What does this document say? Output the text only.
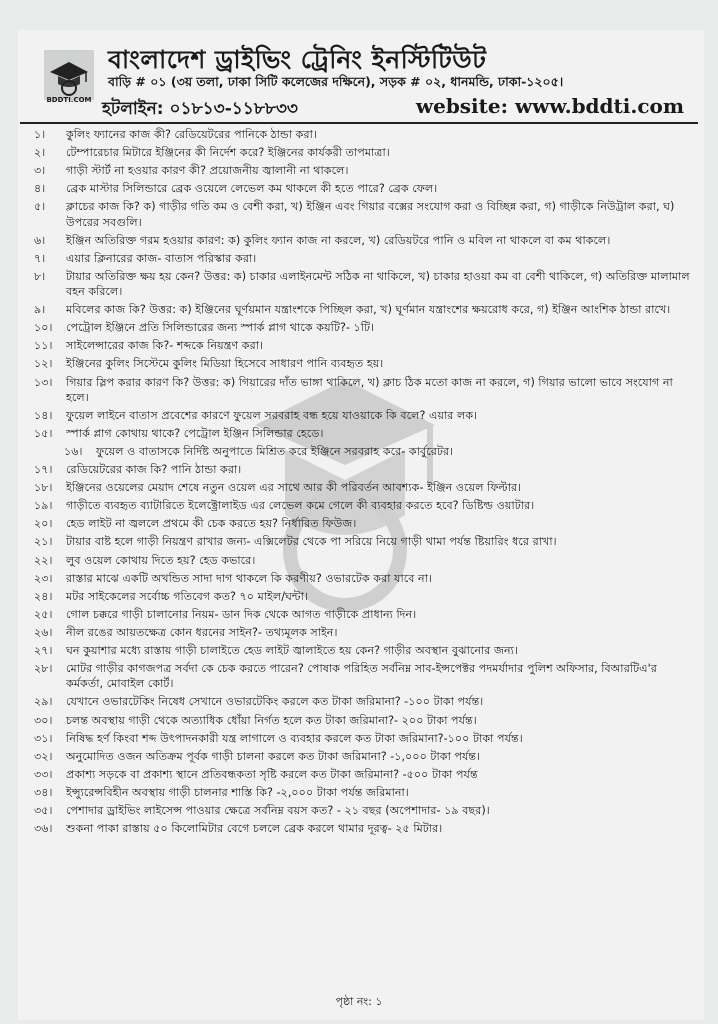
BDDTI.COM
বাংলাদেশ ড্রাইভিং ট্রেনিং ইনস্টিটিউট
বাড়ি # ০১ (৩য় তলা, ঢাকা সিটি কলেজের দক্ষিনে), সড়ক # ০২, ধানমন্ডি, ঢাকা-১২০৫।
হটলাইন: ০১৮১৩-১১৮৮৩৩	website: www.bddti.com
১।	কুলিং ফ্যানের কাজ কী? রেডিয়েটরের পানিকে ঠান্ডা করা।
২।	টেম্পারেচার মিটারে ইঞ্জিনের কী নির্দেশ করে? ইঞ্জিনের কার্যকরী তাপমাত্রা।
৩।	গাড়ী স্টার্ট না হওয়ার কারণ কী? প্রয়োজনীয় জ্বালানী না থাকলে।
৪।	ব্রেক মাস্টার সিলিন্ডারে ব্রেক ওয়েলে লেভেল কম থাকলে কী হতে পারে? ব্রেক ফেল।
৫।	ক্লাচের কাজ কি? ক) গাড়ীর গতি কম ও বেশী করা, খ) ইঞ্জিন এবং গিয়ার বক্সের সংযোগ করা ও বিচ্ছিন্ন করা, গ) গাড়ীকে নিউট্রাল করা, ঘ) উপরের সবগুলি।
৬।	ইঞ্জিন অতিরিক্ত গরম হওয়ার কারণ: ক) কুলিং ফ্যান কাজ না করলে, খ) রেডিয়টরে পানি ও মবিল না থাকলে বা কম থাকলে।
৭।	এয়ার ক্লিনারের কাজ- বাতাস পরিস্কার করা।
৮।	টায়ার অতিরিক্ত ক্ষয় হয় কেন? উত্তর: ক) চাকার এলাইনমেন্ট সঠিক না থাকিলে, খ) চাকার হাওয়া কম বা বেশী থাকিলে, গ) অতিরিক্ত মালামাল বহন করিলে।
৯।	মবিলের কাজ কি? উত্তর: ক) ইঞ্জিনের ঘূর্ণয়মান যন্ত্রাংশকে পিচ্ছিল করা, খ) ঘূর্ণমান যন্ত্রাংশের ক্ষয়রোধ করে, গ) ইঞ্জিন আংশিক ঠান্ডা রাখে।
১০।	পেট্রোল ইঞ্জিনে প্রতি সিলিন্ডারের জন্য স্পার্ক প্লাগ থাকে কয়টি?- ১টি।
১১।	সাইলেন্সারের কাজ কি?- শব্দকে নিয়ন্ত্রণ করা।
১২।	ইঞ্জিনের কুলিং সিস্টেমে কুলিং মিডিয়া হিসেবে সাধারণ পানি ব্যবহৃত হয়।
১৩।	গিয়ার স্লিপ করার কারণ কি? উত্তর: ক) গিয়ারের দাঁত ভাঙ্গা থাকিলে, খ) ক্লাচ ঠিক মতো কাজ না করলে, গ) গিয়ার ভালো ভাবে সংযোগ না হলে।
১৪।	ফুয়েল লাইনে বাতাস প্রবেশের কারণে ফুয়েল সরবরাহ বন্ধ হয়ে যাওয়াকে কি বলে? এয়ার লক।
১৫।	স্পার্ক প্লাগ কোথায় থাকে? পেট্রোল ইঞ্জিন সিলিন্ডার হেডে।
১৬।	ফুয়েল ও বাতাসকে নির্দিষ্ট অনুপাতে মিশ্রিত করে ইঞ্জিনে সরবরাহ করে- কার্বুরেটর।
১৭।	রেডিয়েটরের কাজ কি? পানি ঠান্ডা করা।
১৮।	ইঞ্জিনের ওয়েলের মেয়াদ শেষে নতুন ওয়েল এর সাথে আর কী পরিবর্তন আবশ্যক- ইঞ্জিন ওয়েল ফিল্টার।
১৯।	গাড়ীতে ব্যবহৃত ব্যাটারিতে ইলেক্ট্রোলাইড এর লেভেল কমে গেলে কী ব্যবহার করতে হবে? ডিষ্টিল্ড ওয়াটার।
২০।	হেড লাইট না জ্বললে প্রথমে কী চেক করতে হয়? নির্ধারিত ফিউজ।
২১।	টায়ার বাষ্ট হলে গাড়ী নিয়ন্ত্রণ রাখার জন্য- এক্সিলেটর থেকে পা সরিয়ে নিয়ে গাড়ী থামা পর্যন্ত ষ্টিয়ারিং ধরে রাখা।
২২।	লুব ওয়েল কোথায় দিতে হয়? হেড কভারে।
২৩।	রাস্তার মাঝে একটি অখন্ডিত সাদা দাগ থাকলে কি করণীয়? ওভারটেক করা যাবে না।
২৪।	মটর সাইকেলের সর্বোচ্চ গতিবেগ কত? ৭০ মাইল/ঘন্টা।
২৫।	গোল চক্করে গাড়ী চালানোর নিয়ম- ডান দিক থেকে আগত গাড়ীকে প্রাধান্য দিন।
২৬।	নীল রঙের আয়তক্ষেত্র কোন ধরনের সাইন?- তথ্যমূলক সাইন।
২৭।	ঘন কুয়াশার মধ্যে রাস্তায় গাড়ী চালাইতে হেড লাইট জ্বালাইতে হয় কেন? গাড়ীর অবস্থান বুঝানোর জন্য।
২৮।	মোটর গাড়ীর কাগজপত্র সর্বদা কে চেক করতে পারেন? পোষাক পরিহিত সর্বনিম্ন সাব-ইন্সপেক্টর পদমর্যাদার পুলিশ অফিসার, বিআরটিএ'র কর্মকর্তা, মোবাইল কোর্ট।
২৯।	যেখানে ওভারটেকিং নিষেধ সেখানে ওভারটেকিং করলে কত টাকা জরিমানা? -১০০ টাকা পর্যন্ত।
৩০।	চলন্ত অবস্থায় গাড়ী থেকে অত্যাধিক ধোঁয়া নির্গত হলে কত টাকা জরিমানা?- ২০০ টাকা পর্যন্ত।
৩১।	নিষিদ্ধ হর্ণ কিংবা শব্দ উৎপাদনকারী যন্ত্র লাগালে ও ব্যবহার করলে কত টাকা জরিমানা?-১০০ টাকা পর্যন্ত।
৩২।	অনুমোদিত ওজন অতিক্রম পূর্বক গাড়ী চালনা করলে কত টাকা জরিমানা? -১,০০০ টাকা পর্যন্ত।
৩৩।	প্রকাশ্য সড়কে বা প্রকাশ্য স্থানে প্রতিবন্ধকতা সৃষ্টি করলে কত টাকা জরিমানা? -৫০০ টাকা পর্যন্ত
৩৪।	ইন্স্যুরেন্সবিহীন অবস্থায় গাড়ী চালনার শাস্তি কি? -২,০০০ টাকা পর্যন্ত জরিমানা।
৩৫।	পেশাদার ড্রাইভিং লাইসেন্স পাওয়ার ক্ষেত্রে সর্বনিম্ন বয়স কত? - ২১ বছর (অপেশাদার- ১৯ বছর)।
৩৬।	শুকনা পাকা রাস্তায় ৫০ কিলোমিটার বেগে চললে ব্রেক করলে থামার দূরত্ব- ২৫ মিটার।
পৃষ্ঠা নং: ১
